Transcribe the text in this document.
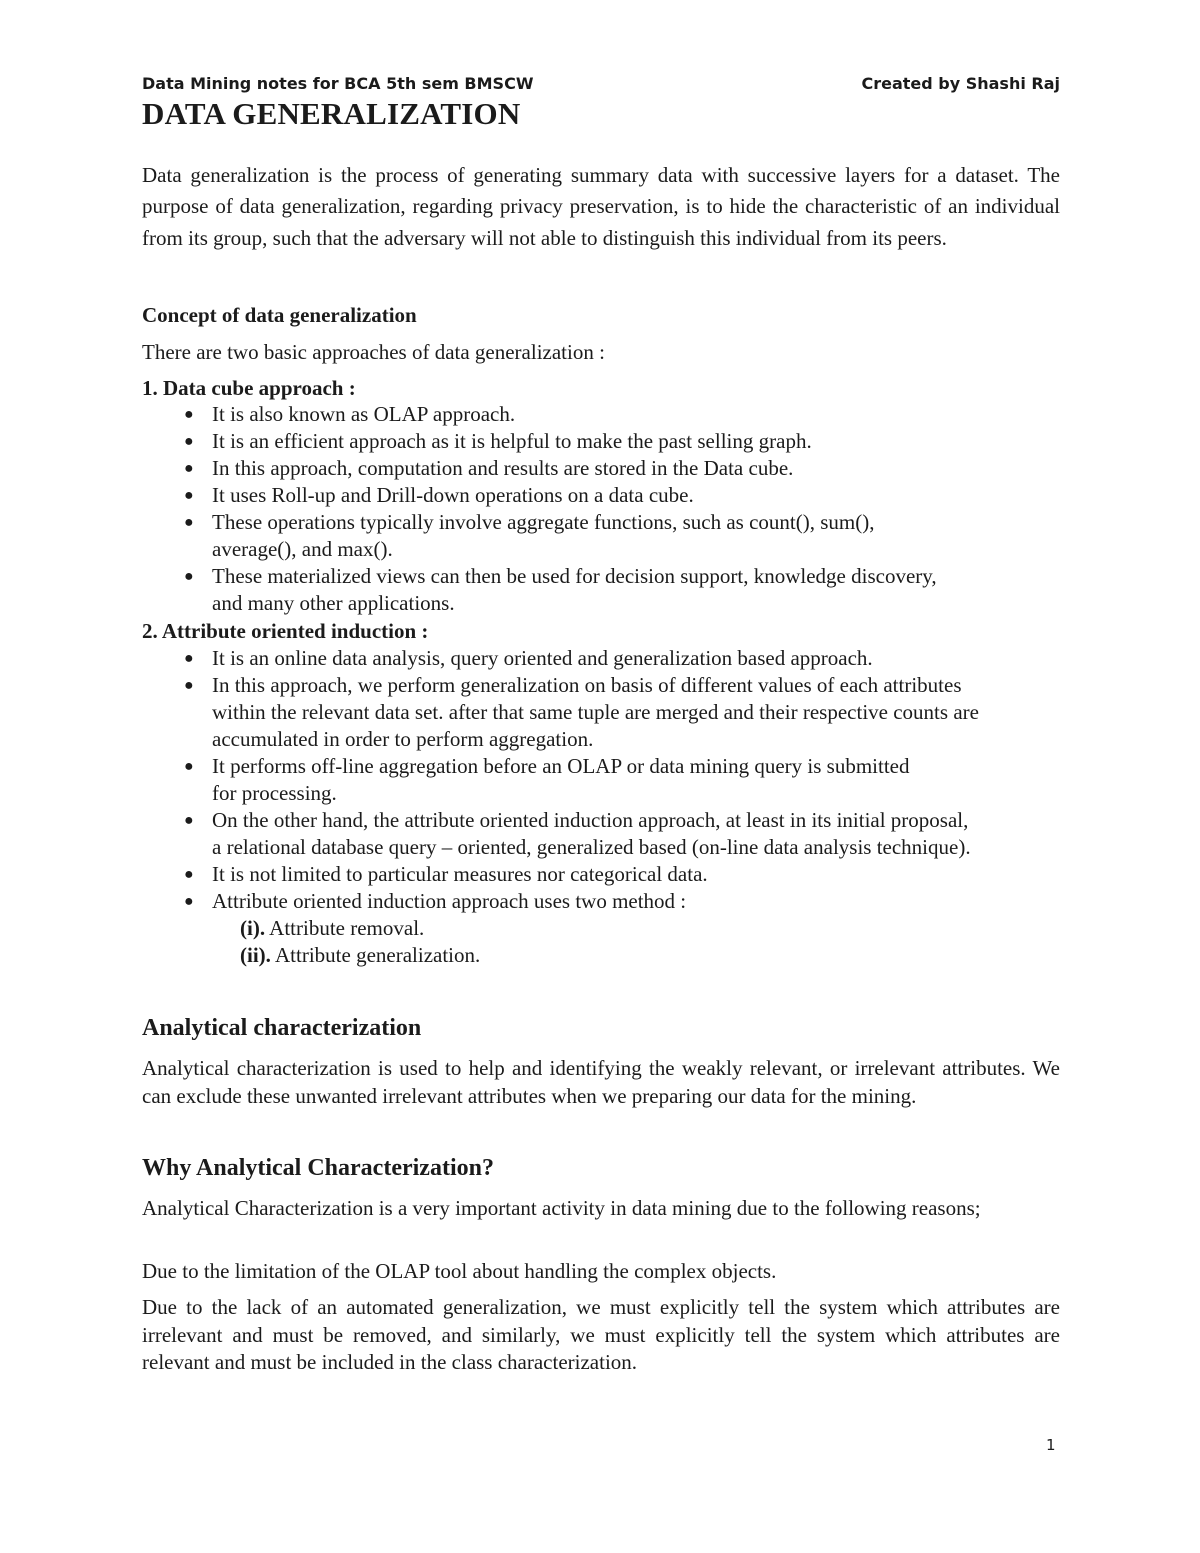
Data Mining notes for BCA 5th sem BMSCW	Created by Shashi Raj
DATA GENERALIZATION

Data generalization is the process of generating summary data with successive layers for a dataset. The purpose of data generalization, regarding privacy preservation, is to hide the characteristic of an individual from its group, such that the adversary will not able to distinguish this individual from its peers.

Concept of data generalization

There are two basic approaches of data generalization :

1. Data cube approach :

● It is also known as OLAP approach.
● It is an efficient approach as it is helpful to make the past selling graph.
● In this approach, computation and results are stored in the Data cube.
● It uses Roll-up and Drill-down operations on a data cube.
● These operations typically involve aggregate functions, such as count(), sum(), average(), and max().
● These materialized views can then be used for decision support, knowledge discovery, and many other applications.

2. Attribute oriented induction :

● It is an online data analysis, query oriented and generalization based approach.
● In this approach, we perform generalization on basis of different values of each attributes within the relevant data set. after that same tuple are merged and their respective counts are accumulated in order to perform aggregation.
● It performs off-line aggregation before an OLAP or data mining query is submitted for processing.
● On the other hand, the attribute oriented induction approach, at least in its initial proposal, a relational database query – oriented, generalized based (on-line data analysis technique).
● It is not limited to particular measures nor categorical data.
● Attribute oriented induction approach uses two method :
(i). Attribute removal.
(ii). Attribute generalization.
Analytical characterization

Analytical characterization is used to help and identifying the weakly relevant, or irrelevant attributes. We can exclude these unwanted irrelevant attributes when we preparing our data for the mining.

Why Analytical Characterization?

Analytical Characterization is a very important activity in data mining due to the following reasons;

Due to the limitation of the OLAP tool about handling the complex objects.

Due to the lack of an automated generalization, we must explicitly tell the system which attributes are irrelevant and must be removed, and similarly, we must explicitly tell the system which attributes are relevant and must be included in the class characterization.

1
